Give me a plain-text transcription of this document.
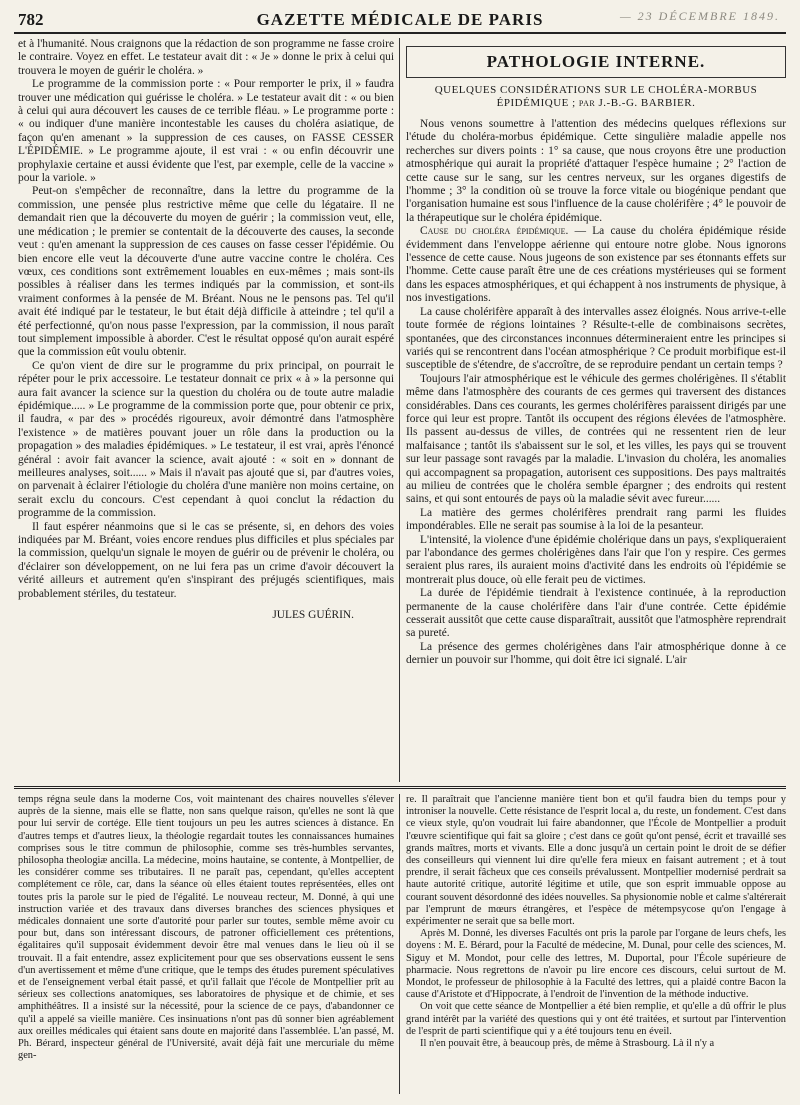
782	GAZETTE MÉDICALE DE PARIS	— 23 DÉCEMBRE 1849.

et à l'humanité. Nous craignons que la rédaction de son programme ne fasse croire le contraire. Voyez en effet. Le testateur avait dit : « Je » donne le prix à celui qui trouvera le moyen de guérir le choléra. »

Le programme de la commission porte : « Pour remporter le prix, il » faudra trouver une médication qui guérisse le choléra. » Le testateur avait dit : « ou bien à celui qui aura découvert les causes de ce terrible fléau. » Le programme porte : « ou indiquer d'une manière incontestable les causes du choléra asiatique, de façon qu'en amenant » la suppression de ces causes, on FASSE CESSER L'ÉPIDÉMIE. » Le programme ajoute, il est vrai : « ou enfin découvrir une prophylaxie certaine et aussi évidente que l'est, par exemple, celle de la vaccine » pour la variole. »

Peut-on s'empêcher de reconnaître, dans la lettre du programme de la commission, une pensée plus restrictive même que celle du légataire. Il ne demandait rien que la découverte du moyen de guérir ; la commission veut, elle, une médication ; le premier se contentait de la découverte des causes, la seconde veut : qu'en amenant la suppression de ces causes on fasse cesser l'épidémie. Ou bien encore elle veut la découverte d'une autre vaccine contre le choléra. Ces vœux, ces conditions sont extrêmement louables en eux-mêmes ; mais sont-ils possibles à réaliser dans les termes indiqués par la commission, et sont-ils vraiment conformes à la pensée de M. Bréant. Nous ne le pensons pas. Tel qu'il avait été indiqué par le testateur, le but était déjà difficile à atteindre ; tel qu'il a été perfectionné, qu'on nous passe l'expression, par la commission, il nous paraît tout simplement impossible à aborder. C'est le résultat opposé qu'on aurait espéré que la commission eût voulu obtenir.

Ce qu'on vient de dire sur le programme du prix principal, on pourrait le répéter pour le prix accessoire. Le testateur donnait ce prix « à » la personne qui aura fait avancer la science sur la question du choléra ou de toute autre maladie épidémique..... » Le programme de la commission porte que, pour obtenir ce prix, il faudra, « par des » procédés rigoureux, avoir démontré dans l'atmosphère l'existence » de matières pouvant jouer un rôle dans la production ou la propagation » des maladies épidémiques. » Le testateur, il est vrai, après l'énoncé général : avoir fait avancer la science, avait ajouté : « soit en » donnant de meilleures analyses, soit...... » Mais il n'avait pas ajouté que si, par d'autres voies, on parvenait à éclairer l'étiologie du choléra d'une manière non moins certaine, on serait exclu du concours. C'est cependant à quoi conclut la rédaction du programme de la commission.

Il faut espérer néanmoins que si le cas se présente, si, en dehors des voies indiquées par M. Bréant, voies encore rendues plus difficiles et plus spéciales par la commission, quelqu'un signale le moyen de guérir ou de prévenir le choléra, ou d'éclairer son développement, on ne lui fera pas un crime d'avoir découvert la vérité ailleurs et autrement qu'en s'inspirant des préjugés scientifiques, mais probablement stériles, du testateur.

JULES GUÉRIN.

PATHOLOGIE INTERNE.
QUELQUES CONSIDÉRATIONS SUR LE CHOLÉRA-MORBUS ÉPIDÉMIQUE ; par J.-B.-G. BARBIER.

Nous venons soumettre à l'attention des médecins quelques réflexions sur l'étude du choléra-morbus épidémique. Cette singulière maladie appelle nos recherches sur divers points : 1° sa cause, que nous croyons être une production atmosphérique qui aurait la propriété d'attaquer l'espèce humaine ; 2° l'action de cette cause sur le sang, sur les centres nerveux, sur les organes digestifs de l'homme ; 3° la condition où se trouve la force vitale ou biogénique pendant que l'organisation humaine est sous l'influence de la cause cholérifère ; 4° le pouvoir de la thérapeutique sur le choléra épidémique.

Cause du choléra épidémique. — La cause du choléra épidémique réside évidemment dans l'enveloppe aérienne qui entoure notre globe. Nous ignorons l'essence de cette cause. Nous jugeons de son existence par ses étonnants effets sur l'homme. Cette cause paraît être une de ces créations mystérieuses qui se forment dans les espaces atmosphériques, et qui échappent à nos instruments de physique, à nos investigations.

La cause cholérifère apparaît à des intervalles assez éloignés. Nous arrive-t-elle toute formée de régions lointaines ? Résulte-t-elle de combinaisons secrètes, spontanées, que des circonstances inconnues détermineraient entre les principes si variés qui se rencontrent dans l'océan atmosphérique ? Ce produit morbifique est-il susceptible de s'étendre, de s'accroître, de se reproduire pendant un certain temps ?

Toujours l'air atmosphérique est le véhicule des germes cholérigènes. Il s'établit même dans l'atmosphère des courants de ces germes qui traversent des distances considérables. Dans ces courants, les germes cholérifères paraissent dirigés par une force qui leur est propre. Tantôt ils occupent des régions élevées de l'atmosphère. Ils passent au-dessus de villes, de contrées qui ne ressentent rien de leur malfaisance ; tantôt ils s'abaissent sur le sol, et les villes, les pays qui se trouvent sur leur passage sont ravagés par la maladie. L'invasion du choléra, les anomalies qui accompagnent sa propagation, autorisent ces suppositions. Des pays maltraités au milieu de contrées que le choléra semble épargner ; des endroits qui restent sains, et qui sont entourés de pays où la maladie sévit avec fureur......

La matière des germes cholérifères prendrait rang parmi les fluides impondérables. Elle ne serait pas soumise à la loi de la pesanteur.

L'intensité, la violence d'une épidémie cholérique dans un pays, s'expliqueraient par l'abondance des germes cholérigènes dans l'air que l'on y respire. Ces germes seraient plus rares, ils auraient moins d'activité dans les endroits où l'épidémie se montrerait plus douce, où elle ferait peu de victimes.

La durée de l'épidémie tiendrait à l'existence continuée, à la reproduction permanente de la cause cholérifère dans l'air d'une contrée. Cette épidémie cesserait aussitôt que cette cause disparaîtrait, aussitôt que l'atmosphère reprendrait sa pureté.

La présence des germes cholérigènes dans l'air atmosphérique donne à ce dernier un pouvoir sur l'homme, qui doit être ici signalé. L'air

temps régna seule dans la moderne Cos, voit maintenant des chaires nouvelles s'élever auprès de la sienne, mais elle se flatte, non sans quelque raison, qu'elles ne sont là que pour lui servir de cortége. Elle tient toujours un peu les autres sciences à distance. En d'autres temps et d'autres lieux, la théologie regardait toutes les connaissances humaines comprises sous le titre commun de philosophie, comme ses très-humbles servantes, philosopha theologiæ ancilla. La médecine, moins hautaine, se contente, à Montpellier, de les considérer comme ses tributaires. Il ne paraît pas, cependant, qu'elles acceptent complétement ce rôle, car, dans la séance où elles étaient toutes représentées, elles ont toutes pris la parole sur le pied de l'égalité. Le nouveau recteur, M. Donné, à qui une instruction variée et des travaux dans diverses branches des sciences physiques et médicales donnaient une sorte d'autorité pour parler sur toutes, semble même avoir cu pour but, dans son intéressant discours, de patroner officiellement ces prétentions, égalitaires qu'il supposait évidemment devoir être mal venues dans le lieu où il se trouvait. Il a fait entendre, assez explicitement pour que ses observations eussent le sens d'un avertissement et même d'une critique, que le temps des études purement spéculatives et de l'enseignement verbal était passé, et qu'il fallait que l'école de Montpellier prît au sérieux ses collections anatomiques, ses laboratoires de physique et de chimie, et ses amphithéâtres. Il a insisté sur la nécessité, pour la science de ce pays, d'abandonner ce qu'il a appelé sa vieille manière. Ces insinuations n'ont pas dû sonner bien agréablement aux oreilles médicales qui étaient sans doute en majorité dans l'assemblée. L'an passé, M. Ph. Bérard, inspecteur général de l'Université, avait déjà fait une mercuriale du même gen-

re. Il paraîtrait que l'ancienne manière tient bon et qu'il faudra bien du temps pour y introniser la nouvelle. Cette résistance de l'esprit local a, du reste, un fondement. C'est dans ce vieux style, qu'on voudrait lui faire abandonner, que l'École de Montpellier a produit l'œuvre scientifique qui fait sa gloire ; c'est dans ce goût qu'ont pensé, écrit et travaillé ses grands maîtres, morts et vivants. Elle a donc jusqu'à un certain point le droit de se défier des conseilleurs qui viennent lui dire qu'elle fera mieux en faisant autrement ; et à tout prendre, il serait fâcheux que ces conseils prévalussent. Montpellier modernisé perdrait sa haute autorité critique, autorité légitime et utile, que son esprit immuable oppose au courant souvent désordonné des idées nouvelles. Sa physionomie noble et calme s'altérerait par l'emprunt de mœurs étrangères, et l'espèce de métempsycose qu'on l'engage à expérimenter ne serait que sa belle mort.

Après M. Donné, les diverses Facultés ont pris la parole par l'organe de leurs chefs, les doyens : M. E. Bérard, pour la Faculté de médecine, M. Dunal, pour celle des sciences, M. Siguy et M. Mondot, pour celle des lettres, M. Duportal, pour l'École supérieure de pharmacie. Nous regrettons de n'avoir pu lire encore ces discours, celui surtout de M. Mondot, le professeur de philosophie à la Faculté des lettres, qui a plaidé contre Bacon la cause d'Aristote et d'Hippocrate, à l'endroit de l'invention de la méthode inductive.

On voit que cette séance de Montpellier a été bien remplie, et qu'elle a dû offrir le plus grand intérêt par la variété des questions qui y ont été traitées, et surtout par l'intervention de l'esprit de parti scientifique qui y a été toujours tenu en éveil.

Il n'en pouvait être, à beaucoup près, de même à Strasbourg. Là il n'y a
